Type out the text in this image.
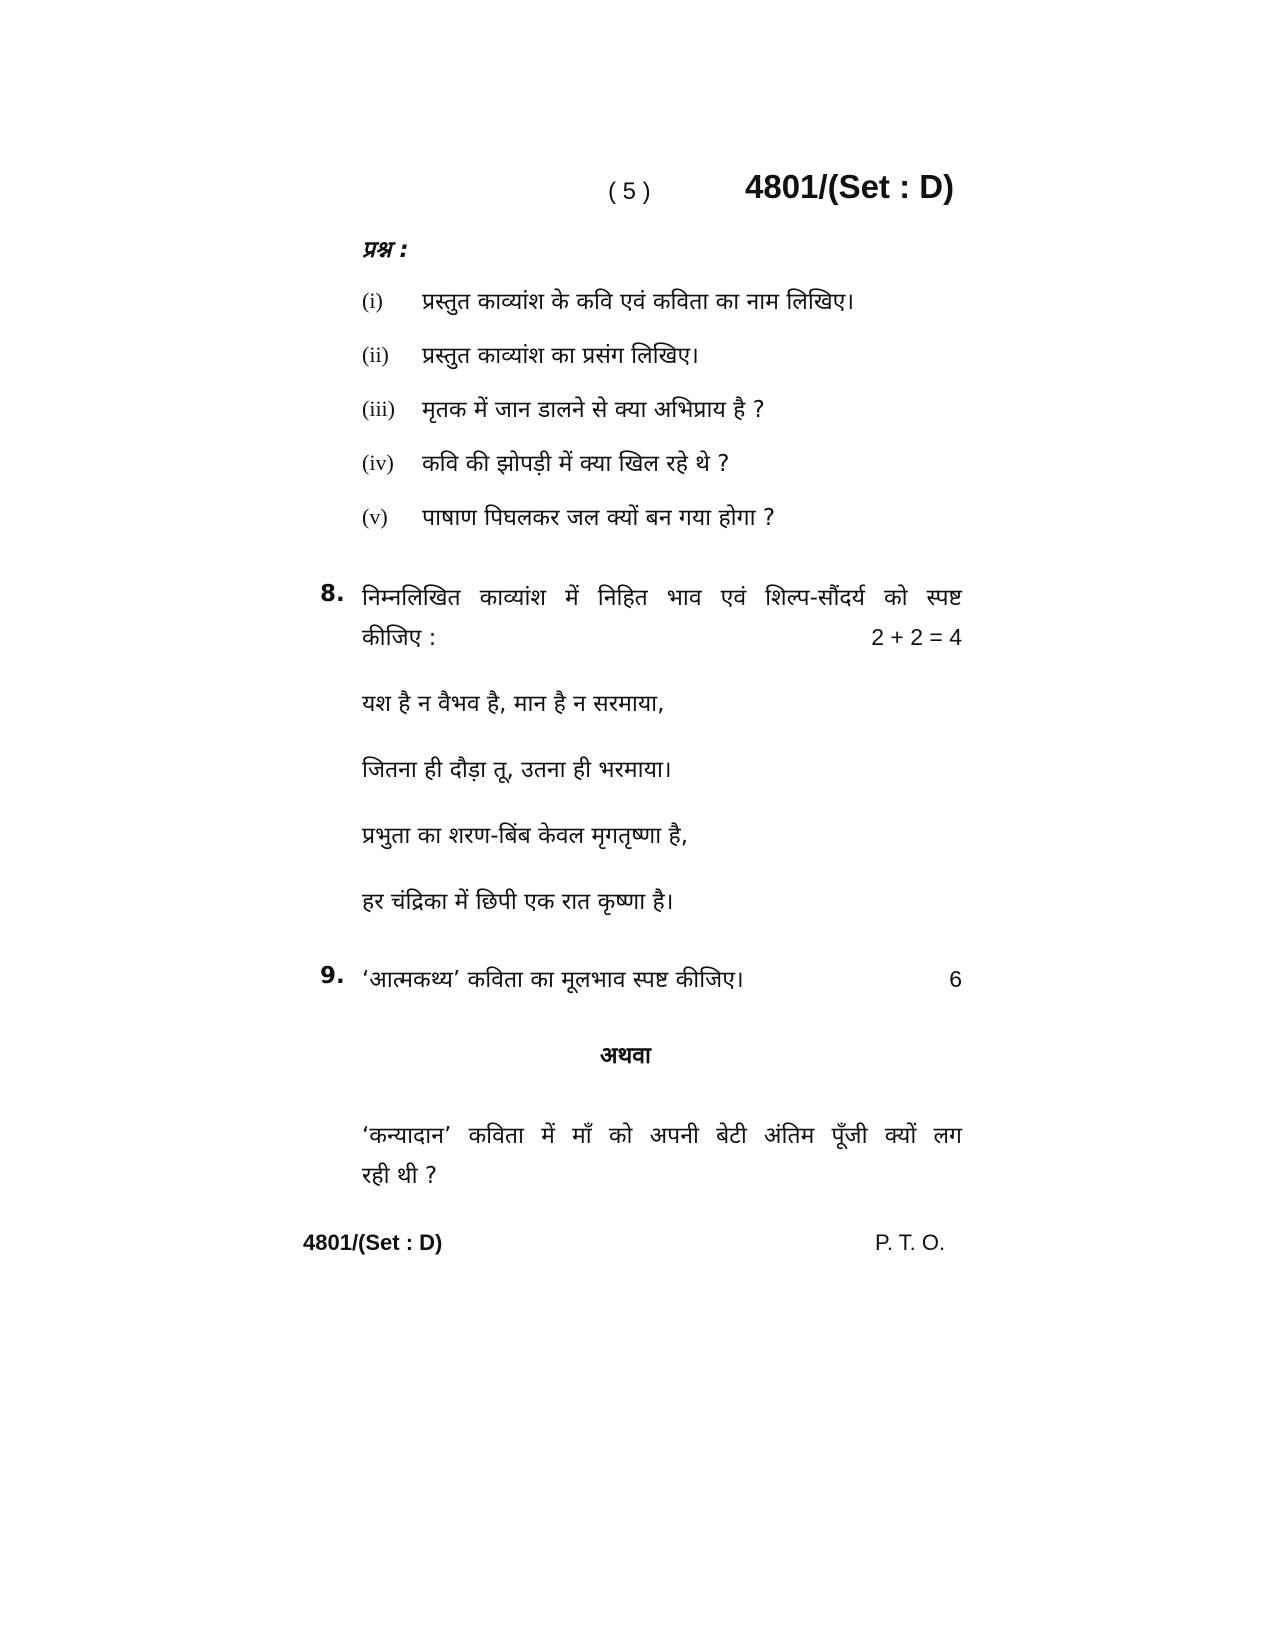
( 5 )	4801/(Set : D)
प्रश्न :
(i) प्रस्तुत काव्यांश के कवि एवं कविता का नाम लिखिए।
(ii) प्रस्तुत काव्यांश का प्रसंग लिखिए।
(iii) मृतक में जान डालने से क्या अभिप्राय है ?
(iv) कवि की झोपड़ी में क्या खिल रहे थे ?
(v) पाषाण पिघलकर जल क्यों बन गया होगा ?
8. निम्नलिखित काव्यांश में निहित भाव एवं शिल्प-सौंदर्य को स्पष्ट
कीजिए :	2 + 2 = 4
यश है न वैभव है, मान है न सरमाया,
जितना ही दौड़ा तू, उतना ही भरमाया।
प्रभुता का शरण-बिंब केवल मृगतृष्णा है,
हर चंद्रिका में छिपी एक रात कृष्णा है।
9. ‘आत्मकथ्य’ कविता का मूलभाव स्पष्ट कीजिए।	6
अथवा
‘कन्यादान’ कविता में माँ को अपनी बेटी अंतिम पूँजी क्यों लग
रही थी ?
4801/(Set : D)	P. T. O.
